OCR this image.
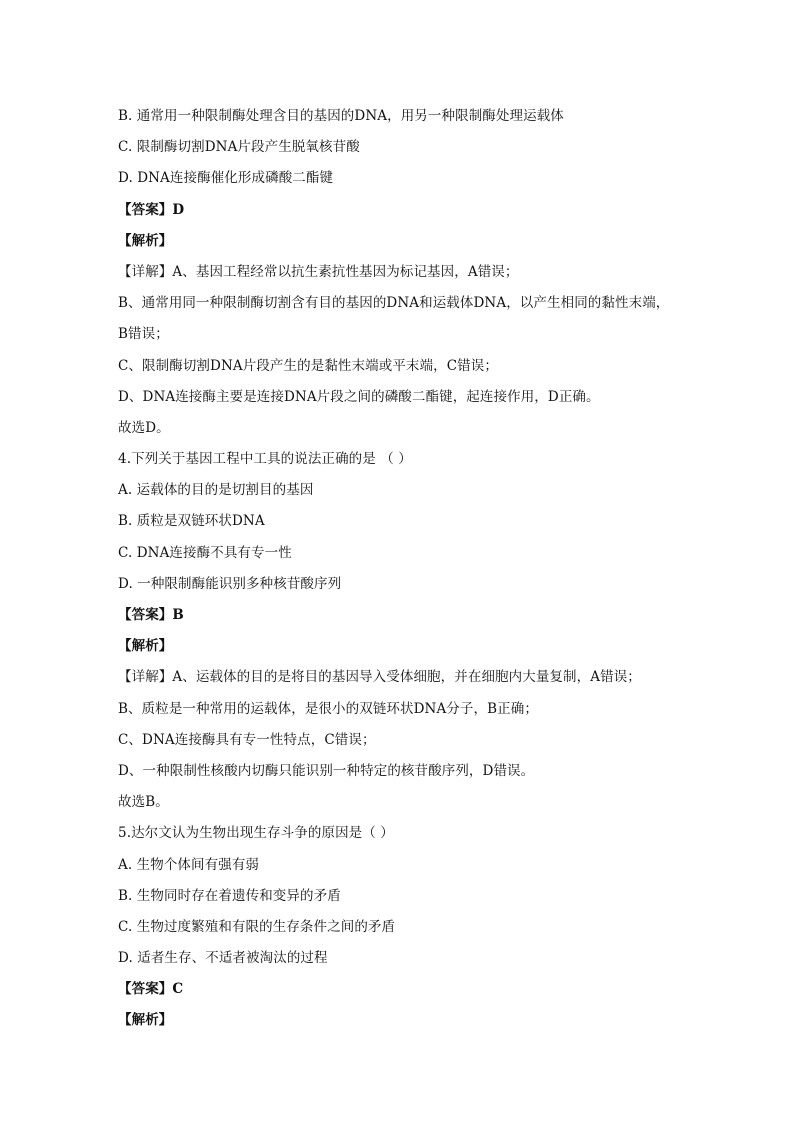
B. 通常用一种限制酶处理含目的基因的DNA，用另一种限制酶处理运载体
C. 限制酶切割DNA片段产生脱氧核苷酸
D. DNA连接酶催化形成磷酸二酯键
【答案】D
【解析】
【详解】A、基因工程经常以抗生素抗性基因为标记基因，A错误；
B、通常用同一种限制酶切割含有目的基因的DNA和运载体DNA，以产生相同的黏性末端，
B错误；
C、限制酶切割DNA片段产生的是黏性末端或平末端，C错误；
D、DNA连接酶主要是连接DNA片段之间的磷酸二酯键，起连接作用，D正确。
故选D。
4.下列关于基因工程中工具的说法正确的是 （ ）
A. 运载体的目的是切割目的基因
B. 质粒是双链环状DNA
C. DNA连接酶不具有专一性
D. 一种限制酶能识别多种核苷酸序列
【答案】B
【解析】
【详解】A、运载体的目的是将目的基因导入受体细胞，并在细胞内大量复制，A错误；
B、质粒是一种常用的运载体，是很小的双链环状DNA分子，B正确；
C、DNA连接酶具有专一性特点，C错误；
D、一种限制性核酸内切酶只能识别一种特定的核苷酸序列，D错误。
故选B。
5.达尔文认为生物出现生存斗争的原因是（ ）
A. 生物个体间有强有弱
B. 生物同时存在着遗传和变异的矛盾
C. 生物过度繁殖和有限的生存条件之间的矛盾
D. 适者生存、不适者被淘汰的过程
【答案】C
【解析】
